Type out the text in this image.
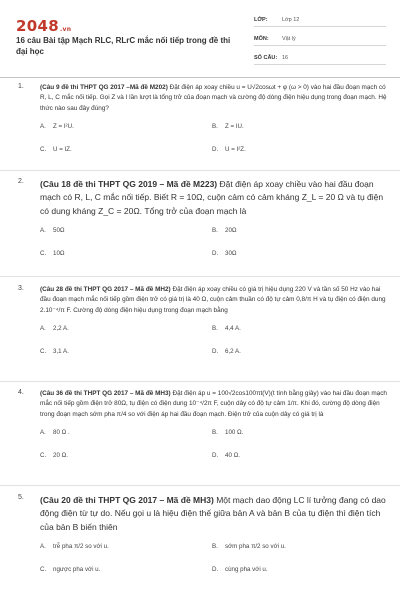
2048.vn
16 câu Bài tập Mạch RLC, RLrC mắc nối tiếp trong đề thi đại học
LỚP:	Lớp 12
MÔN: Vật lý
SỐ CÂU: 16
1.	(Câu 9 đề thi THPT QG 2017 –Mã đề M202) Đặt điện áp xoay chiều u = U√2cosωt + φ (ω > 0) vào hai đầu đoạn mạch có R, L, C mắc nối tiếp. Gọi Z và I lần lượt là tổng trở của đoạn mạch và cường độ dòng điện hiệu dụng trong đoạn mạch. Hệ thức nào sau đây đúng?
A. Z = I²U.	B. Z = IU.
C. U = IZ.	D. U = I²Z.
2. (Câu 18 đề thi THPT QG 2019 – Mã đề M223) Đặt điện áp xoay chiều vào hai đầu đoạn mạch có R, L, C mắc nối tiếp. Biết R = 10Ω, cuộn cảm có cảm kháng Z_L = 20 Ω và tụ điện có dung kháng Z_C = 20Ω. Tổng trở của đoạn mạch là
A. 50Ω	B. 20Ω
C. 10Ω	D. 30Ω
3.	(Câu 28 đề thi THPT QG 2017 – Mã đề MH2) Đặt điện áp xoay chiều có giá trị hiệu dụng 220 V và tần số 50 Hz vào hai đầu đoạn mạch mắc nối tiếp gồm điện trở có giá trị là 40 Ω, cuộn cảm thuần có độ tự cảm 0,8/π H và tụ điện có điện dung 2.10⁻⁴/π F. Cường độ dòng điện hiệu dụng trong đoạn mạch bằng
A. 2,2 A.	B. 4,4 A.
C. 3,1 A.	D. 6,2 A.
4.	(Câu 36 đề thi THPT QG 2017 – Mã đề MH3) Đặt điện áp u = 100√2cos100πt(V)(t tính bằng giây) vào hai đầu đoạn mạch mắc nối tiếp gồm điện trở 80Ω, tụ điện có điện dung 10⁻⁴/2π F, cuộn dây có độ tự cảm 1/π. Khi đó, cường độ dòng điện trong đoạn mạch sớm pha π/4 so với điện áp hai đầu đoạn mạch. Điện trở của cuộn dây có giá trị là
A. 80 Ω .	B. 100 Ω.
C. 20 Ω.	D. 40 Ω.
5. (Câu 20 đề thi THPT QG 2017 – Mã đề MH3) Một mạch dao động LC lí tưởng đang có dao động điện từ tự do. Nếu gọi u là hiệu điện thế giữa bản A và bản B của tụ điện thì điện tích của bản B biến thiên
A. trễ pha π/2 so với u.	B. sớm pha π/2 so với u.
C. ngược pha với u.	D. cùng pha với u.
